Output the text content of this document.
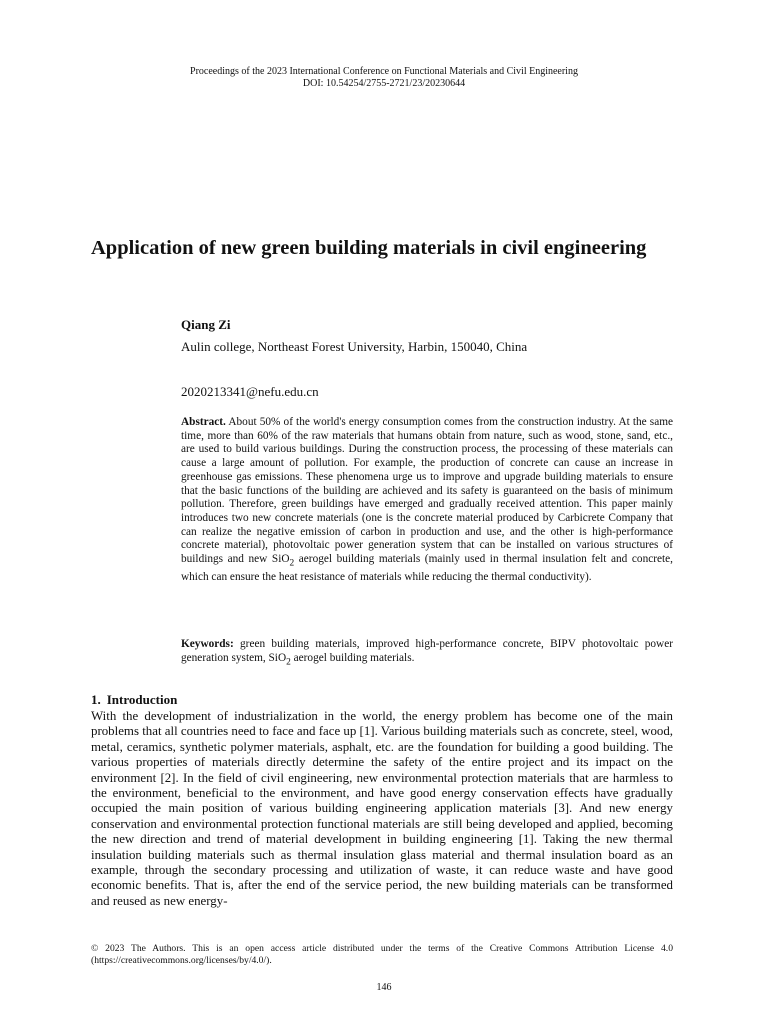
Proceedings of the 2023 International Conference on Functional Materials and Civil Engineering
DOI: 10.54254/2755-2721/23/20230644
Application of new green building materials in civil engineering
Qiang Zi
Aulin college, Northeast Forest University, Harbin, 150040, China
2020213341@nefu.edu.cn

Abstract. About 50% of the world's energy consumption comes from the construction industry. At the same time, more than 60% of the raw materials that humans obtain from nature, such as wood, stone, sand, etc., are used to build various buildings. During the construction process, the processing of these materials can cause a large amount of pollution. For example, the production of concrete can cause an increase in greenhouse gas emissions. These phenomena urge us to improve and upgrade building materials to ensure that the basic functions of the building are achieved and its safety is guaranteed on the basis of minimum pollution. Therefore, green buildings have emerged and gradually received attention. This paper mainly introduces two new concrete materials (one is the concrete material produced by Carbicrete Company that can realize the negative emission of carbon in production and use, and the other is high-performance concrete material), photovoltaic power generation system that can be installed on various structures of buildings and new SiO$_2$ aerogel building materials (mainly used in thermal insulation felt and concrete, which can ensure the heat resistance of materials while reducing the thermal conductivity).

Keywords: green building materials, improved high-performance concrete, BIPV photovoltaic power generation system, SiO$_2$ aerogel building materials.

1. Introduction

With the development of industrialization in the world, the energy problem has become one of the main problems that all countries need to face and face up [1]. Various building materials such as concrete, steel, wood, metal, ceramics, synthetic polymer materials, asphalt, etc. are the foundation for building a good building. The various properties of materials directly determine the safety of the entire project and its impact on the environment [2]. In the field of civil engineering, new environmental protection materials that are harmless to the environment, beneficial to the environment, and have good energy conservation effects have gradually occupied the main position of various building engineering application materials [3]. And new energy conservation and environmental protection functional materials are still being developed and applied, becoming the new direction and trend of material development in building engineering [1]. Taking the new thermal insulation building materials such as thermal insulation glass material and thermal insulation board as an example, through the secondary processing and utilization of waste, it can reduce waste and have good economic benefits. That is, after the end of the service period, the new building materials can be transformed and reused as new energy-

© 2023 The Authors. This is an open access article distributed under the terms of the Creative Commons Attribution License 4.0 (https://creativecommons.org/licenses/by/4.0/).

146
